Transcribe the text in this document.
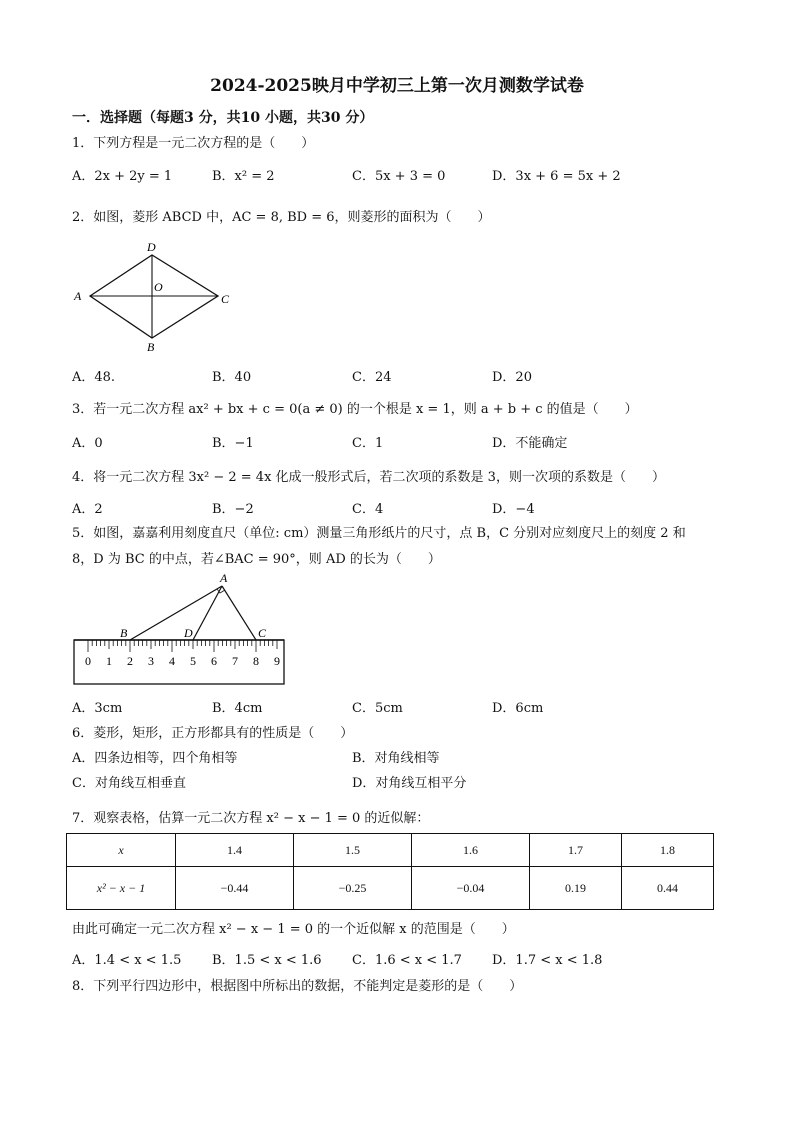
2024-2025映月中学初三上第一次月测数学试卷
一．选择题（每题3 分，共10 小题，共30 分）
1．下列方程是一元二次方程的是（　　）
A．2x + 2y = 1	B．x² = 2	C．5x + 3 = 0	D．3x + 6 = 5x + 2
2．如图，菱形 ABCD 中，AC = 8, BD = 6，则菱形的面积为（　　）
D
A
O
C
B
A．48.	B．40	C．24	D．20
3．若一元二次方程 ax² + bx + c = 0(a ≠ 0) 的一个根是 x = 1，则 a + b + c 的值是（　　）
A．0	B．−1	C．1	D．不能确定
4．将一元二次方程 3x² − 2 = 4x 化成一般形式后，若二次项的系数是 3，则一次项的系数是（　　）
A．2	B．−2	C．4	D．−4
5．如图，嘉嘉利用刻度直尺（单位: cm）测量三角形纸片的尺寸，点 B，C 分别对应刻度尺上的刻度 2 和
8，D 为 BC 的中点，若∠BAC = 90°，则 AD 的长为（　　）
0 1 2 3 4 5 6 7 8 9
A
B	D	C
A．3cm	B．4cm	C．5cm	D．6cm
6．菱形，矩形，正方形都具有的性质是（　　）
A．四条边相等，四个角相等	B．对角线相等
C．对角线互相垂直	D．对角线互相平分
7．观察表格，估算一元二次方程 x² − x − 1 = 0 的近似解：
x	1.4	1.5	1.6	1.7	1.8
x² − x − 1	−0.44	−0.25	−0.04	0.19	0.44
由此可确定一元二次方程 x² − x − 1 = 0 的一个近似解 x 的范围是（　　）
A．1.4 < x < 1.5 B．1.5 < x < 1.6 C．1.6 < x < 1.7 D．1.7 < x < 1.8
8．下列平行四边形中，根据图中所标出的数据，不能判定是菱形的是（　　）
